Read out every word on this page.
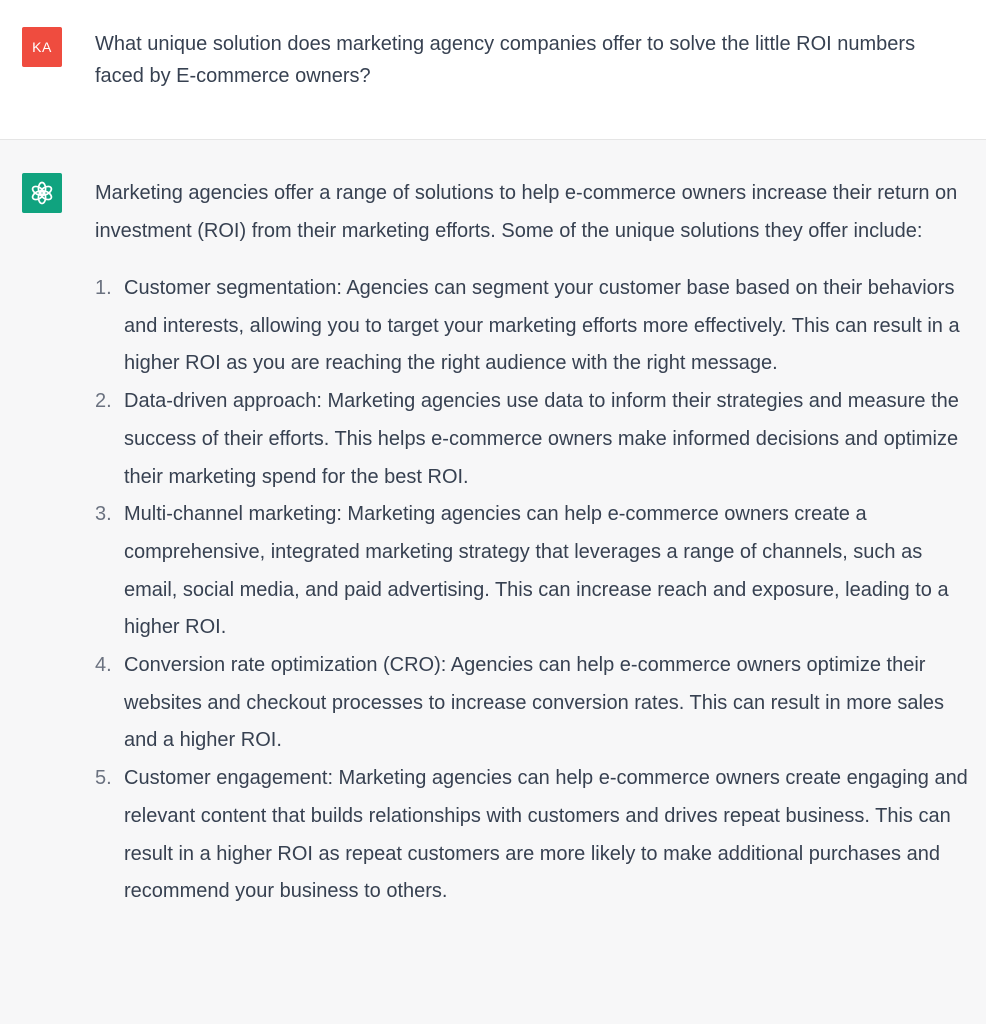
KA What unique solution does marketing agency companies offer to solve the little ROI numbers faced by E-commerce owners?

Marketing agencies offer a range of solutions to help e-commerce owners increase their return on investment (ROI) from their marketing efforts. Some of the unique solutions they offer include:

1. Customer segmentation: Agencies can segment your customer base based on their behaviors and interests, allowing you to target your marketing efforts more effectively. This can result in a higher ROI as you are reaching the right audience with the right message.
2. Data-driven approach: Marketing agencies use data to inform their strategies and measure the success of their efforts. This helps e-commerce owners make informed decisions and optimize their marketing spend for the best ROI.
3. Multi-channel marketing: Marketing agencies can help e-commerce owners create a comprehensive, integrated marketing strategy that leverages a range of channels, such as email, social media, and paid advertising. This can increase reach and exposure, leading to a higher ROI.
4. Conversion rate optimization (CRO): Agencies can help e-commerce owners optimize their websites and checkout processes to increase conversion rates. This can result in more sales and a higher ROI.
5. Customer engagement: Marketing agencies can help e-commerce owners create engaging and relevant content that builds relationships with customers and drives repeat business. This can result in a higher ROI as repeat customers are more likely to make additional purchases and recommend your business to others.
